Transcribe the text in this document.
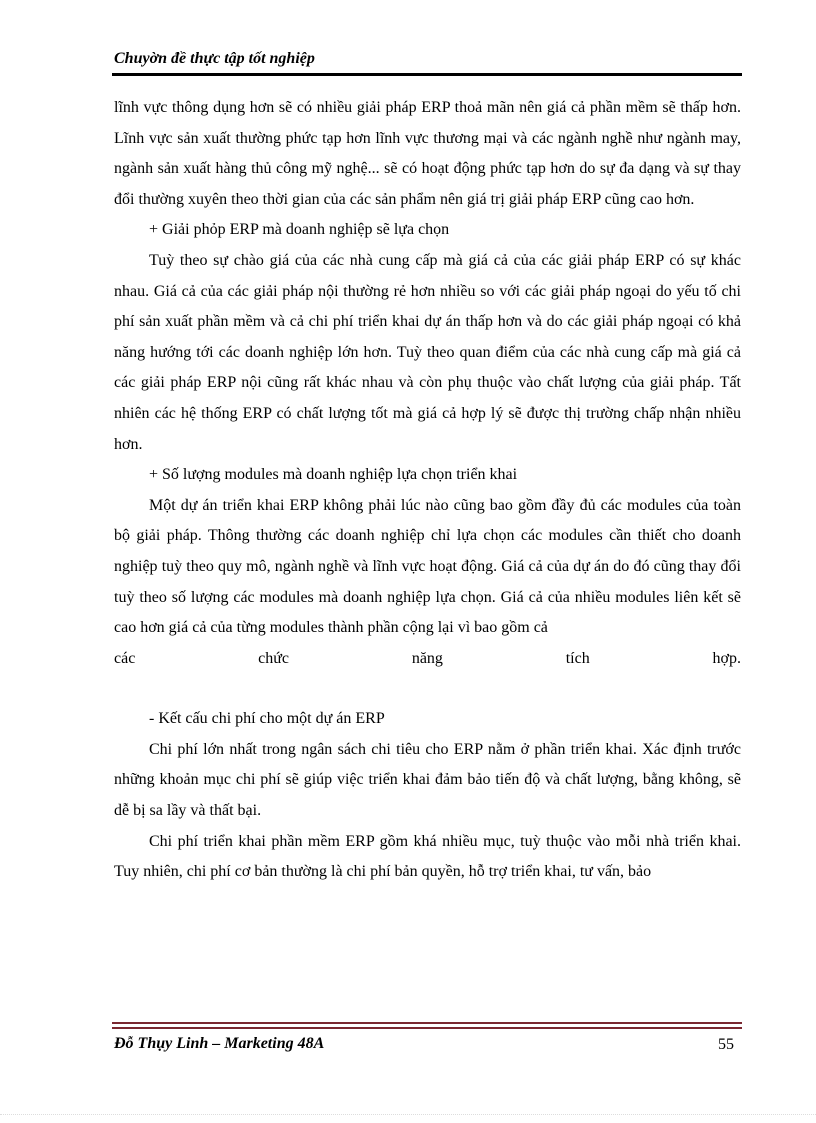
Chuyờn đề thực tập tốt nghiệp

lĩnh vực thông dụng hơn sẽ có nhiều giải pháp ERP thoả mãn nên giá cả phần mềm sẽ thấp hơn. Lĩnh vực sản xuất thường phức tạp hơn lĩnh vực thương mại và các ngành nghề như ngành may, ngành sản xuất hàng thủ công mỹ nghệ... sẽ có hoạt động phức tạp hơn do sự đa dạng và sự thay đổi thường xuyên theo thời gian của các sản phẩm nên giá trị giải pháp ERP cũng cao hơn.

+ Giải phỏp ERP mà doanh nghiệp sẽ lựa chọn

Tuỳ theo sự chào giá của các nhà cung cấp mà giá cả của các giải pháp ERP có sự khác nhau. Giá cả của các giải pháp nội thường rẻ hơn nhiều so với các giải pháp ngoại do yếu tố chi phí sản xuất phần mềm và cả chi phí triển khai dự án thấp hơn và do các giải pháp ngoại có khả năng hướng tới các doanh nghiệp lớn hơn. Tuỳ theo quan điểm của các nhà cung cấp mà giá cả các giải pháp ERP nội cũng rất khác nhau và còn phụ thuộc vào chất lượng của giải pháp. Tất nhiên các hệ thống ERP có chất lượng tốt mà giá cả hợp lý sẽ được thị trường chấp nhận nhiều hơn.

+ Số lượng modules mà doanh nghiệp lựa chọn triển khai

Một dự án triển khai ERP không phải lúc nào cũng bao gồm đầy đủ các modules của toàn bộ giải pháp. Thông thường các doanh nghiệp chỉ lựa chọn các modules cần thiết cho doanh nghiệp tuỳ theo quy mô, ngành nghề và lĩnh vực hoạt động. Giá cả của dự án do đó cũng thay đổi tuỳ theo số lượng các modules mà doanh nghiệp lựa chọn. Giá cả của nhiều modules liên kết sẽ cao hơn giá cả của từng modules thành phần cộng lại vì bao gồm cả

các chức năng tích hợp.

- Kết cấu chi phí cho một dự án ERP

Chi phí lớn nhất trong ngân sách chi tiêu cho ERP nằm ở phần triển khai. Xác định trước những khoản mục chi phí sẽ giúp việc triển khai đảm bảo tiến độ và chất lượng, bằng không, sẽ dễ bị sa lầy và thất bại.

Chi phí triển khai phần mềm ERP gồm khá nhiều mục, tuỳ thuộc vào mỗi nhà triển khai. Tuy nhiên, chi phí cơ bản thường là chi phí bản quyền, hỗ trợ triển khai, tư vấn, bảo

Đỗ Thụy Linh – Marketing 48A	55
